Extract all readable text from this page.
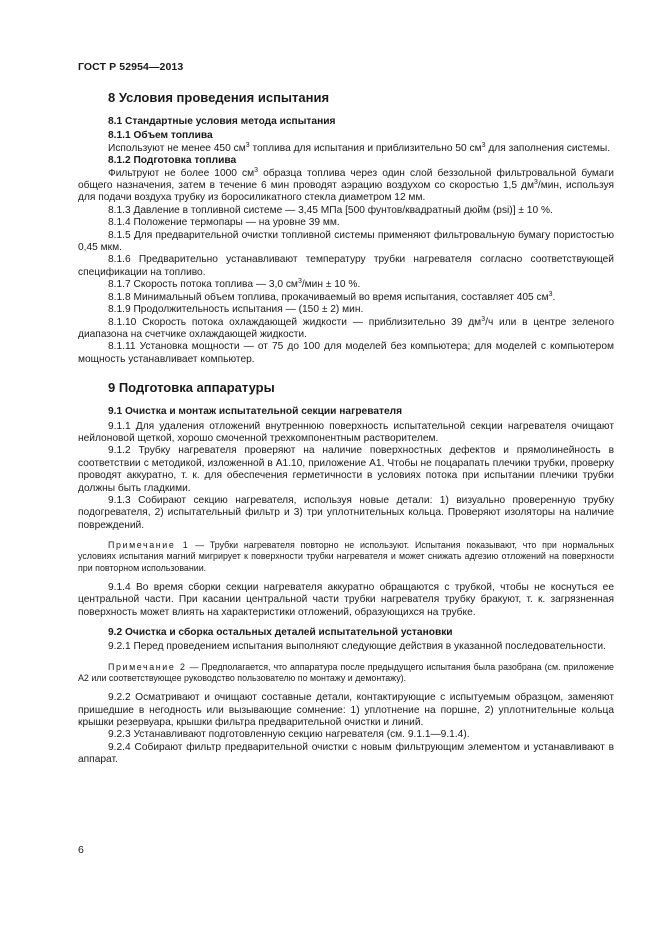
ГОСТ Р 52954—2013
8 Условия проведения испытания
8.1 Стандартные условия метода испытания
8.1.1 Объем топлива

Используют не менее 450 $см^3$ топлива для испытания и приблизительно 50 $см^3$ для заполнения системы.

8.1.2 Подготовка топлива

Фильтруют не более 1000 $см^3$ образца топлива через один слой беззольной фильтровальной бумаги общего назначения, затем в течение 6 мин проводят аэрацию воздухом со скоростью 1,5 $дм^3$/мин, используя для подачи воздуха трубку из боросиликатного стекла диаметром 12 мм.

8.1.3 Давление в топливной системе — 3,45 МПа [500 фунтов/квадратный дюйм (psi)] ± 10 %.

8.1.4 Положение термопары — на уровне 39 мм.

8.1.5 Для предварительной очистки топливной системы применяют фильтровальную бумагу пористостью 0,45 мкм.

8.1.6 Предварительно устанавливают температуру трубки нагревателя согласно соответствующей спецификации на топливо.

8.1.7 Скорость потока топлива — 3,0 $см^3$/мин ± 10 %.

8.1.8 Минимальный объем топлива, прокачиваемый во время испытания, составляет 405 $см^3$.

8.1.9 Продолжительность испытания — (150 ± 2) мин.

8.1.10 Скорость потока охлаждающей жидкости — приблизительно 39 $дм^3/ч$ или в центре зеленого диапазона на счетчике охлаждающей жидкости.

8.1.11 Установка мощности — от 75 до 100 для моделей без компьютера; для моделей с компьютером мощность устанавливает компьютер.

9 Подготовка аппаратуры
9.1 Очистка и монтаж испытательной секции нагревателя

9.1.1 Для удаления отложений внутреннюю поверхность испытательной секции нагревателя очищают нейлоновой щеткой, хорошо смоченной трехкомпонентным растворителем.

9.1.2 Трубку нагревателя проверяют на наличие поверхностных дефектов и прямолинейность в соответствии с методикой, изложенной в А1.10, приложение А1. Чтобы не поцарапать плечики трубки, проверку проводят аккуратно, т. к. для обеспечения герметичности в условиях потока при испытании плечики трубки должны быть гладкими.

9.1.3 Собирают секцию нагревателя, используя новые детали: 1) визуально проверенную трубку подогревателя, 2) испытательный фильтр и 3) три уплотнительных кольца. Проверяют изоляторы на наличие повреждений.

Примечание 1 — Трубки нагревателя повторно не используют. Испытания показывают, что при нормальных условиях испытания магний мигрирует к поверхности трубки нагревателя и может снижать адгезию отложений на поверхности при повторном использовании.

9.1.4 Во время сборки секции нагревателя аккуратно обращаются с трубкой, чтобы не коснуться ее центральной части. При касании центральной части трубки нагревателя трубку бракуют, т. к. загрязненная поверхность может влиять на характеристики отложений, образующихся на трубке.

9.2 Очистка и сборка остальных деталей испытательной установки

9.2.1 Перед проведением испытания выполняют следующие действия в указанной последовательности.

Примечание 2 — Предполагается, что аппаратура после предыдущего испытания была разобрана (см. приложение А2 или соответствующее руководство пользователю по монтажу и демонтажу).

9.2.2 Осматривают и очищают составные детали, контактирующие с испытуемым образцом, заменяют пришедшие в негодность или вызывающие сомнение: 1) уплотнение на поршне, 2) уплотнительные кольца крышки резервуара, крышки фильтра предварительной очистки и линий.

9.2.3 Устанавливают подготовленную секцию нагревателя (см. 9.1.1—9.1.4).

9.2.4 Собирают фильтр предварительной очистки с новым фильтрующим элементом и устанавливают в аппарат.

6
